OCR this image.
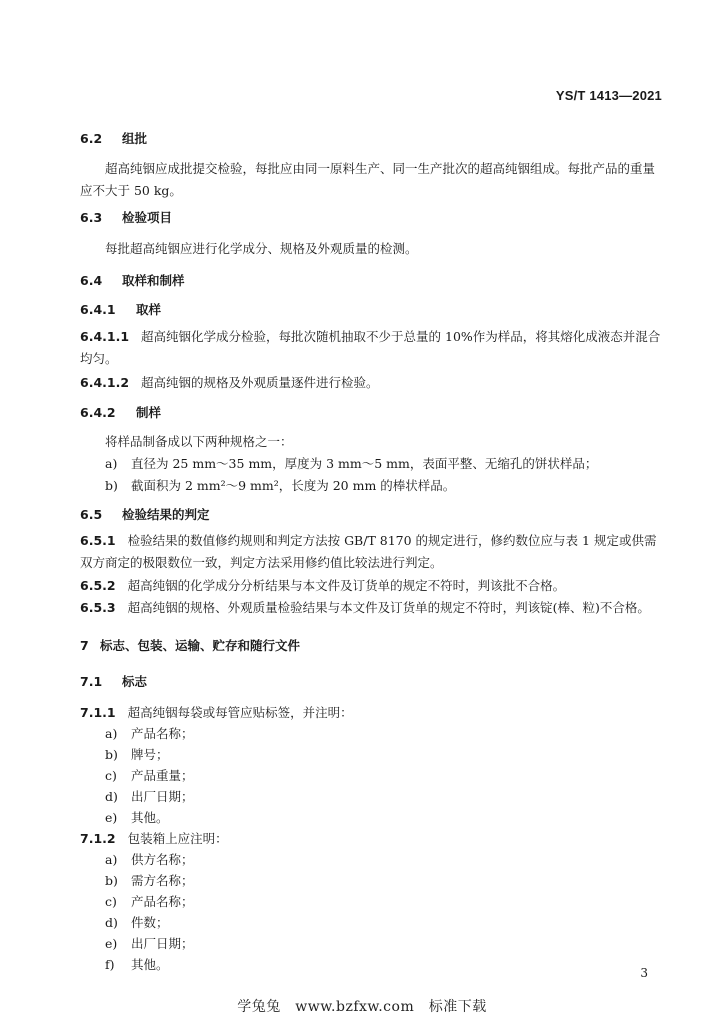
YS/T 1413—2021
6.2 组批
超高纯铟应成批提交检验，每批应由同一原料生产、同一生产批次的超高纯铟组成。每批产品的重量应不大于 50 kg。
6.3 检验项目
每批超高纯铟应进行化学成分、规格及外观质量的检测。
6.4 取样和制样
6.4.1 取样
6.4.1.1 超高纯铟化学成分检验，每批次随机抽取不少于总量的 10%作为样品，将其熔化成液态并混合均匀。
6.4.1.2 超高纯铟的规格及外观质量逐件进行检验。
6.4.2 制样
将样品制备成以下两种规格之一：
a) 直径为 25 mm～35 mm，厚度为 3 mm～5 mm，表面平整、无缩孔的饼状样品；
b) 截面积为 2 mm²～9 mm²，长度为 20 mm 的棒状样品。
6.5 检验结果的判定
6.5.1 检验结果的数值修约规则和判定方法按 GB/T 8170 的规定进行，修约数位应与表 1 规定或供需双方商定的极限数位一致，判定方法采用修约值比较法进行判定。
6.5.2 超高纯铟的化学成分分析结果与本文件及订货单的规定不符时，判该批不合格。
6.5.3 超高纯铟的规格、外观质量检验结果与本文件及订货单的规定不符时，判该锭(棒、粒)不合格。
7 标志、包装、运输、贮存和随行文件
7.1 标志
7.1.1 超高纯铟每袋或每管应贴标签，并注明：
a) 产品名称；
b) 牌号；
c) 产品重量；
d) 出厂日期；
e) 其他。
7.1.2 包装箱上应注明：
a) 供方名称；
b) 需方名称；
c) 产品名称；
d) 件数；
e) 出厂日期；
f) 其他。
3
学兔兔　www.bzfxw.com　标准下载
